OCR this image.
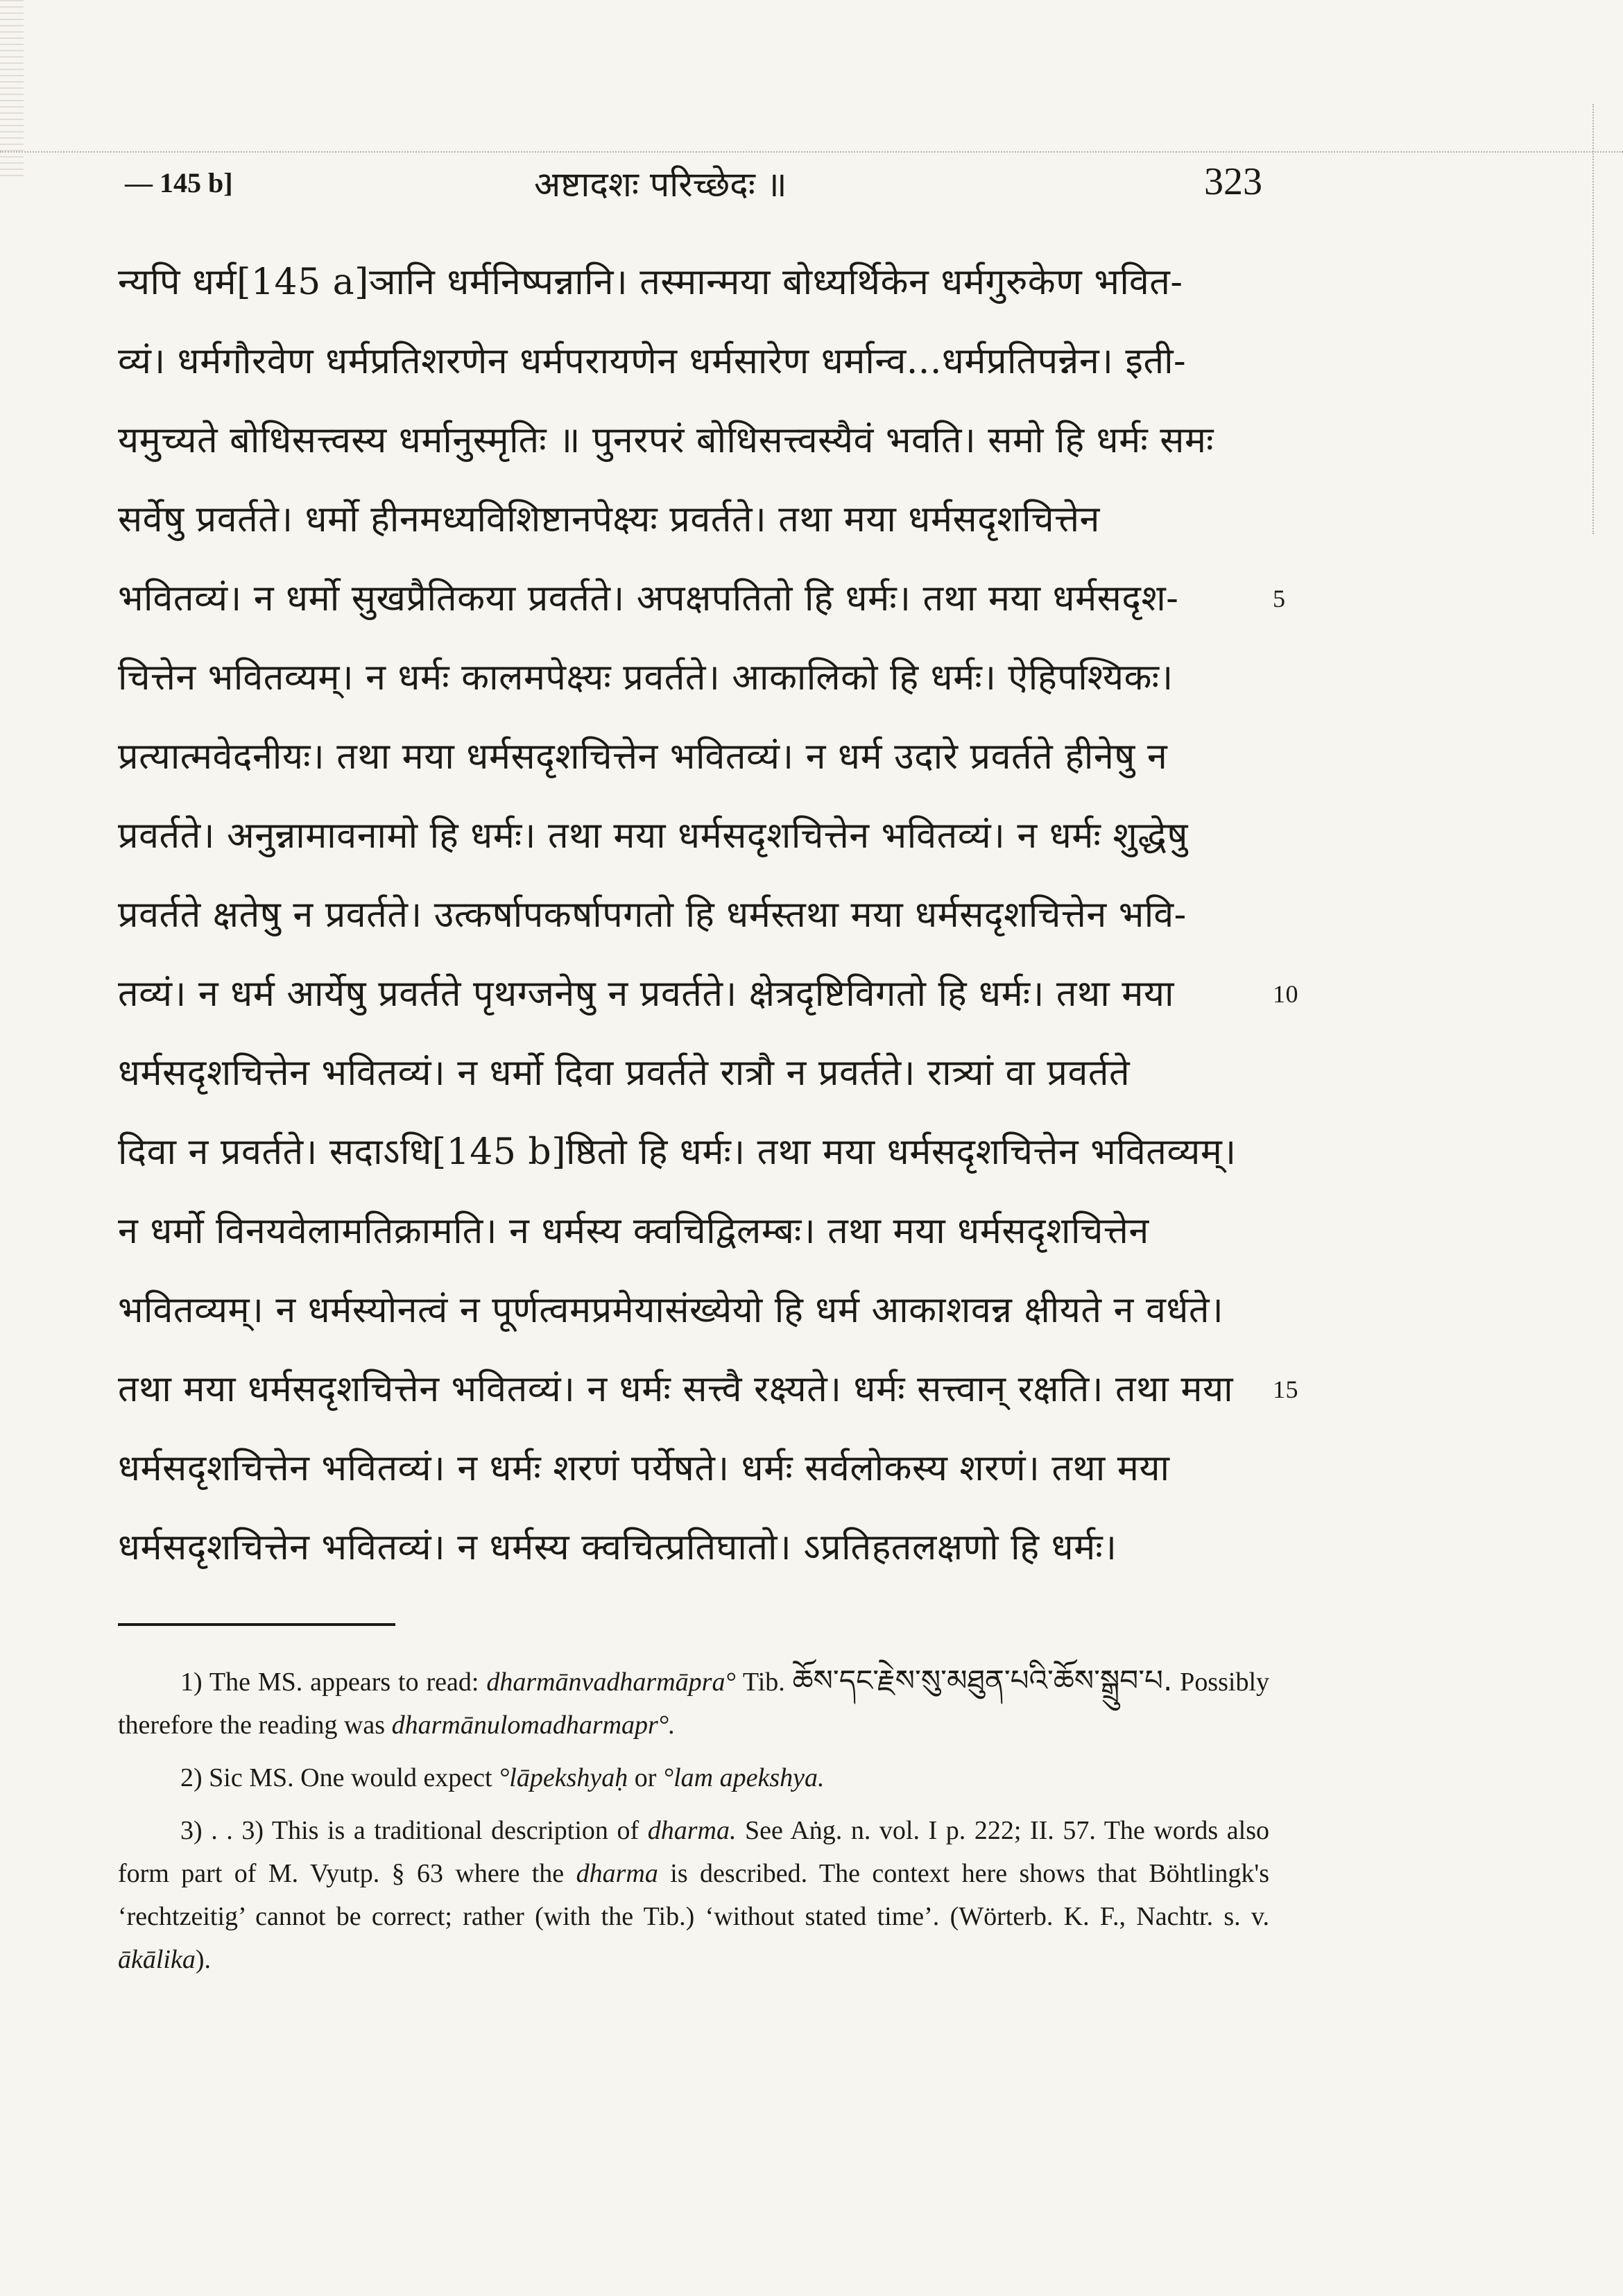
— 145 b]	अष्टादशः परिच्छेदः ॥	323
न्यपि धर्म[145 a]ञानि धर्मनिष्पन्नानि। तस्मान्मया बोध्यर्थिकेन धर्मगुरुकेण भवित-
व्यं। धर्मगौरवेण धर्मप्रतिशरणेन धर्मपरायणेन धर्मसारेण धर्मान्व...धर्मप्रतिपन्नेन। इती-
यमुच्यते बोधिसत्त्वस्य धर्मानुस्मृतिः ॥ पुनरपरं बोधिसत्त्वस्यैवं भवति। समो हि धर्मः समः
सर्वेषु प्रवर्तते। धर्मो हीनमध्यविशिष्टानपेक्ष्यः प्रवर्तते। तथा मया धर्मसदृशचित्तेन
भवितव्यं। न धर्मो सुखप्रैतिकया प्रवर्तते। अपक्षपतितो हि धर्मः। तथा मया धर्मसदृश-	5
चित्तेन भवितव्यम्। न धर्मः कालमपेक्ष्यः प्रवर्तते। आकालिको हि धर्मः। ऐहिपश्यिकः।
प्रत्यात्मवेदनीयः। तथा मया धर्मसदृशचित्तेन भवितव्यं। न धर्म उदारे प्रवर्तते हीनेषु न
प्रवर्तते। अनुन्नामावनामो हि धर्मः। तथा मया धर्मसदृशचित्तेन भवितव्यं। न धर्मः शुद्धेषु
प्रवर्तते क्षतेषु न प्रवर्तते। उत्कर्षापकर्षापगतो हि धर्मस्तथा मया धर्मसदृशचित्तेन भवि-
तव्यं। न धर्म आर्येषु प्रवर्तते पृथग्जनेषु न प्रवर्तते। क्षेत्रदृष्टिविगतो हि धर्मः। तथा मया	10
धर्मसदृशचित्तेन भवितव्यं। न धर्मो दिवा प्रवर्तते रात्रौ न प्रवर्तते। रात्र्यां वा प्रवर्तते
दिवा न प्रवर्तते। सदाऽधि[145 b]ष्ठितो हि धर्मः। तथा मया धर्मसदृशचित्तेन भवितव्यम्।
न धर्मो विनयवेलामतिक्रामति। न धर्मस्य क्वचिद्विलम्बः। तथा मया धर्मसदृशचित्तेन
भवितव्यम्। न धर्मस्योनत्वं न पूर्णत्वमप्रमेयासंख्येयो हि धर्म आकाशवन्न क्षीयते न वर्धते।
तथा मया धर्मसदृशचित्तेन भवितव्यं। न धर्मः सत्त्वै रक्ष्यते। धर्मः सत्त्वान् रक्षति। तथा मया 15
धर्मसदृशचित्तेन भवितव्यं। न धर्मः शरणं पर्येषते। धर्मः सर्वलोकस्य शरणं। तथा मया
धर्मसदृशचित्तेन भवितव्यं। न धर्मस्य क्वचित्प्रतिघातो। ऽप्रतिहतलक्षणो हि धर्मः।

1) The MS. appears to read: dharmānvadharmāpra° Tib. ཆོས་དང་རྗེས་སུ་མཐུན་པའི་ཆོས་སྒྲུབ་པ. Possibly therefore the reading was dharmānulomadharmapr°.

2) Sic MS. One would expect °lāpekshyaḥ or °lam apekshya.

3) . . 3) This is a traditional description of dharma. See Aṅg. n. vol. I p. 222; II. 57. The words also form part of M. Vyutp. § 63 where the dharma is described. The context here shows that Böhtlingk's ‘rechtzeitig’ cannot be correct; rather (with the Tib.) ‘without stated time’. (Wörterb. K. F., Nachtr. s. v. ākālika).
